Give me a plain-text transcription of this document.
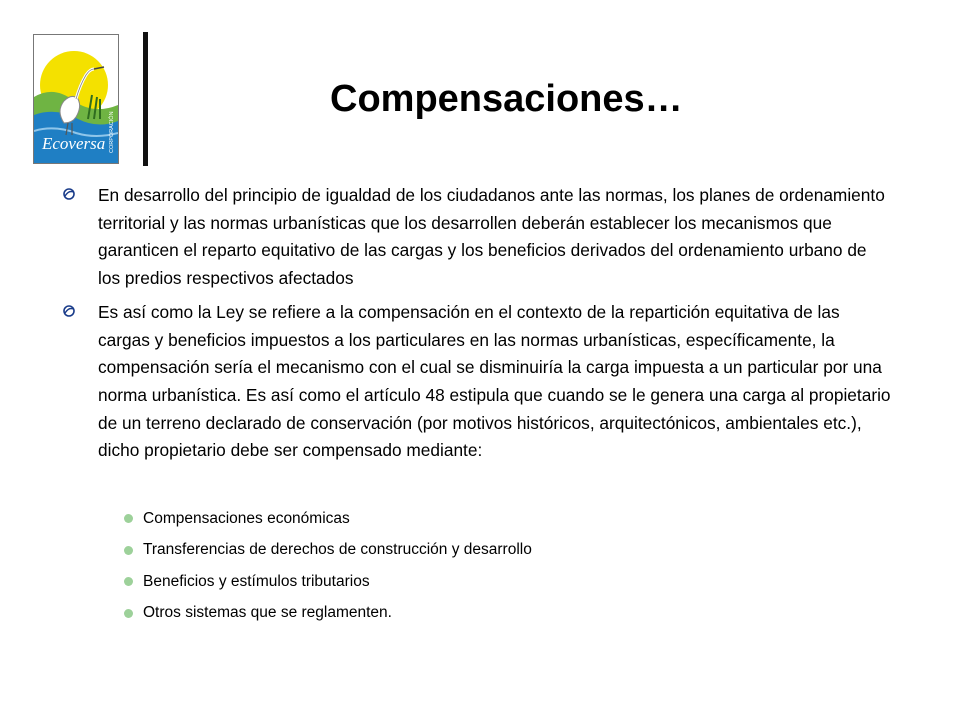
Ecoversa CORPORACIÓN
Compensaciones…
En desarrollo del principio de igualdad de los ciudadanos ante las normas, los planes de ordenamiento territorial y las normas urbanísticas que los desarrollen deberán establecer los mecanismos que garanticen el reparto equitativo de las cargas y los beneficios derivados del ordenamiento urbano de los predios respectivos afectados
Es así como la Ley se refiere a la compensación en el contexto de la repartición equitativa de las cargas y beneficios impuestos a los particulares en las normas urbanísticas, específicamente, la compensación sería el mecanismo con el cual se disminuiría la carga impuesta a un particular por una norma urbanística. Es así como el artículo 48 estipula que cuando se le genera una carga al propietario de un terreno declarado de conservación (por motivos históricos, arquitectónicos, ambientales etc.), dicho propietario debe ser compensado mediante:
Compensaciones económicas
Transferencias de derechos de construcción y desarrollo
Beneficios y estímulos tributarios
Otros sistemas que se reglamenten.
